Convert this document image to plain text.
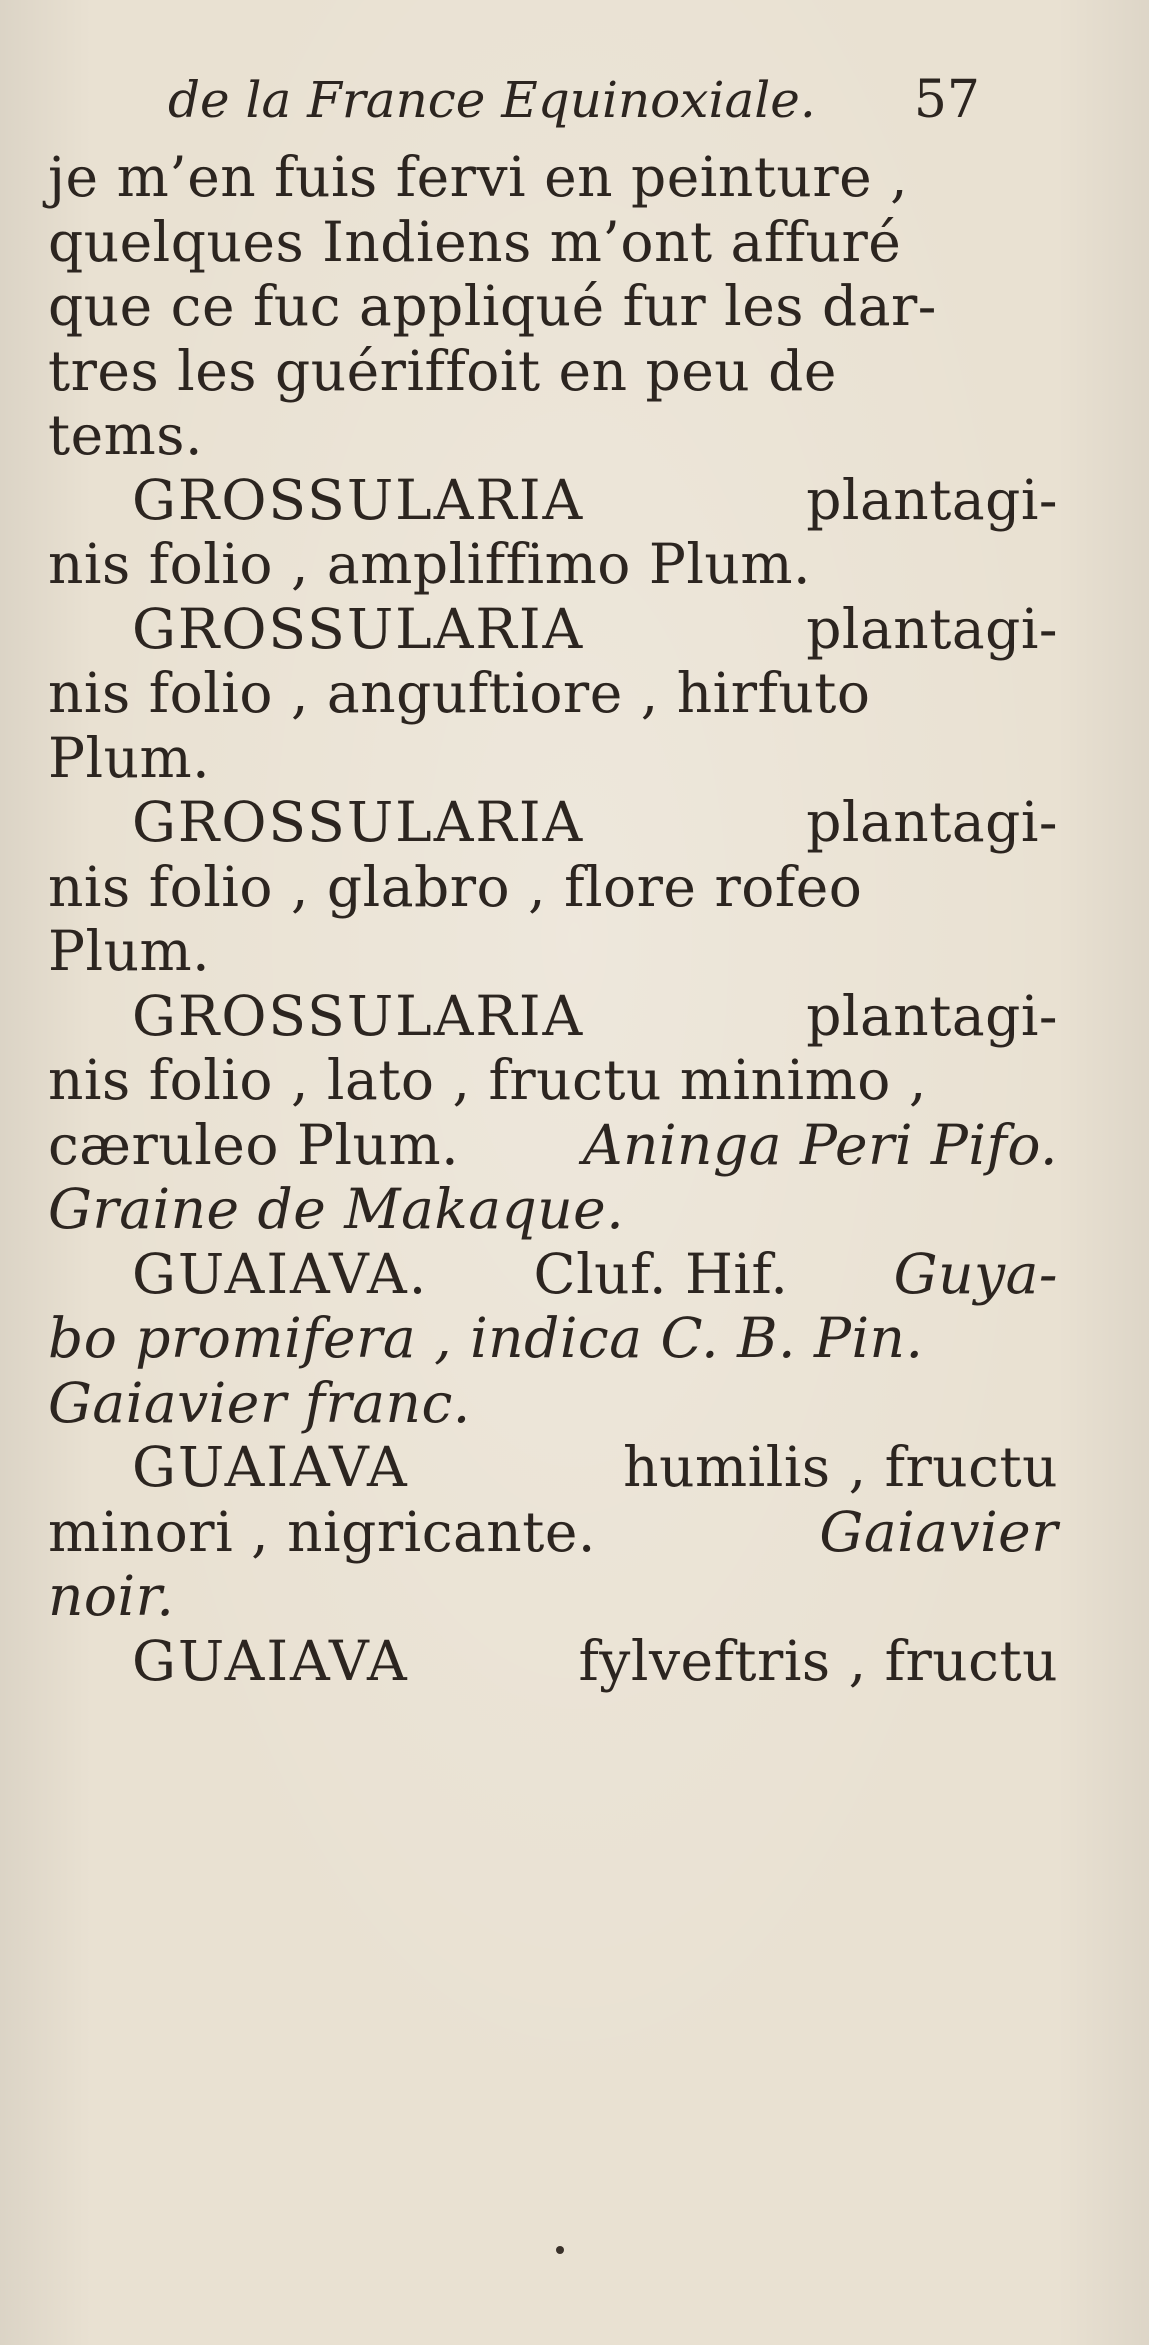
de la France Equinoxiale. 57
je m’en fuis fervi en peinture ,
quelques Indiens m’ont affuré
que ce fuc appliqué fur les dar-
tres les guériffoit en peu de
tems.
GROSSULARIA	plantagi-
nis folio , ampliffimo Plum.
GROSSULARIA	plantagi-
nis folio , anguftiore , hirfuto
Plum.
GROSSULARIA	plantagi-
nis folio , glabro , flore rofeo
Plum.
GROSSULARIA	plantagi-
nis folio , lato , fructu minimo ,
cæruleo Plum. Aninga Peri Pifo.
Graine de Makaque.
GUAIAVA. Cluf. Hif. Guya-
bo promifera , indica C. B. Pin.
Gaiavier franc.
GUAIAVA	humilis , fructu
minori , nigricante.	Gaiavier
noir.
GUAIAVA	fylveftris , fructu
